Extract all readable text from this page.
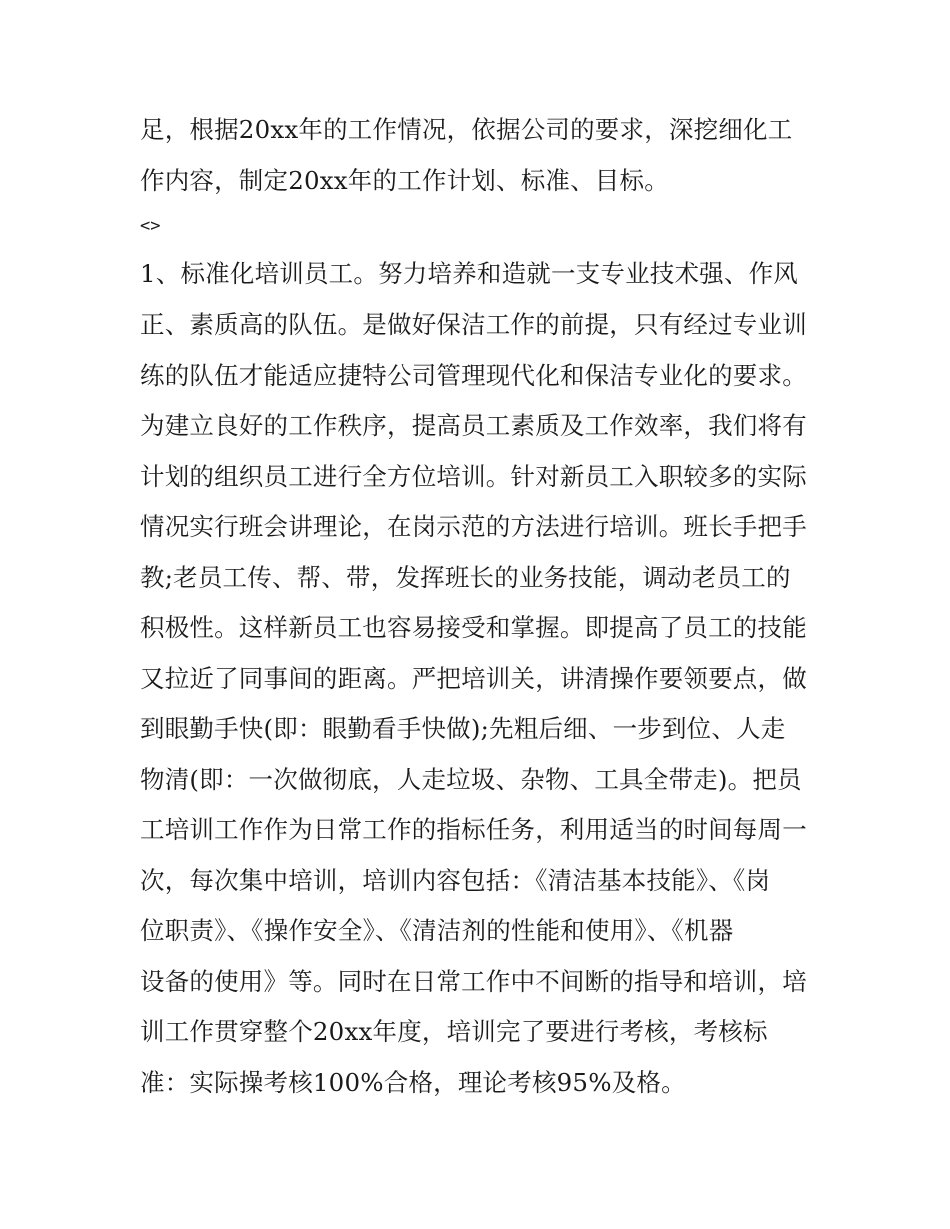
足，根据20xx年的工作情况，依据公司的要求，深挖细化工
作内容，制定20xx年的工作计划、标准、目标。
<>
1、标准化培训员工。努力培养和造就一支专业技术强、作风
正、素质高的队伍。是做好保洁工作的前提，只有经过专业训
练的队伍才能适应捷特公司管理现代化和保洁专业化的要求。
为建立良好的工作秩序，提高员工素质及工作效率，我们将有
计划的组织员工进行全方位培训。针对新员工入职较多的实际
情况实行班会讲理论，在岗示范的方法进行培训。班长手把手
教;老员工传、帮、带，发挥班长的业务技能，调动老员工的
积极性。这样新员工也容易接受和掌握。即提高了员工的技能
又拉近了同事间的距离。严把培训关，讲清操作要领要点，做
到眼勤手快(即：眼勤看手快做);先粗后细、一步到位、人走
物清(即：一次做彻底，人走垃圾、杂物、工具全带走)。把员
工培训工作作为日常工作的指标任务，利用适当的时间每周一
次，每次集中培训，培训内容包括：《清洁基本技能》、《岗
位职责》、《操作安全》、《清洁剂的性能和使用》、《机器
设备的使用》等。同时在日常工作中不间断的指导和培训，培
训工作贯穿整个20xx年度，培训完了要进行考核，考核标
准：实际操考核100%合格，理论考核95%及格。
